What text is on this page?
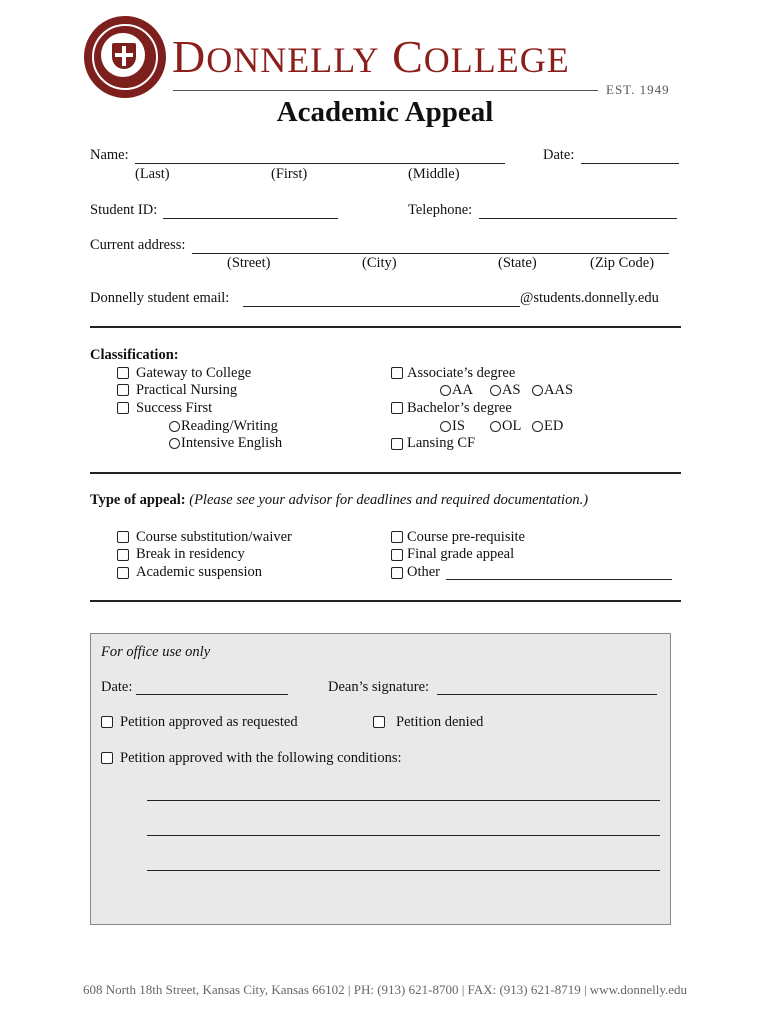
DONNELLY COLLEGE
EST. 1949
Academic Appeal
Name:	Date:
(Last)	(First)	(Middle)
Student ID:	Telephone:
Current address:
(Street)	(City)	(State)	(Zip Code)
Donnelly student email:	@students.donnelly.edu
Classification:
Gateway to College
Practical Nursing
Success First
Reading/Writing
Intensive English
Associate’s degree
AA AS AAS
Bachelor’s degree
IS	OL ED
Lansing CF
Type of appeal: (Please see your advisor for deadlines and required documentation.)
Course substitution/waiver
Break in residency
Academic suspension
Course pre-requisite
Final grade appeal
Other
For office use only
Date:	Dean’s signature:
Petition approved as requested	Petition denied
Petition approved with the following conditions:
608 North 18th Street, Kansas City, Kansas 66102 | PH: (913) 621-8700 | FAX: (913) 621-8719 | www.donnelly.edu
